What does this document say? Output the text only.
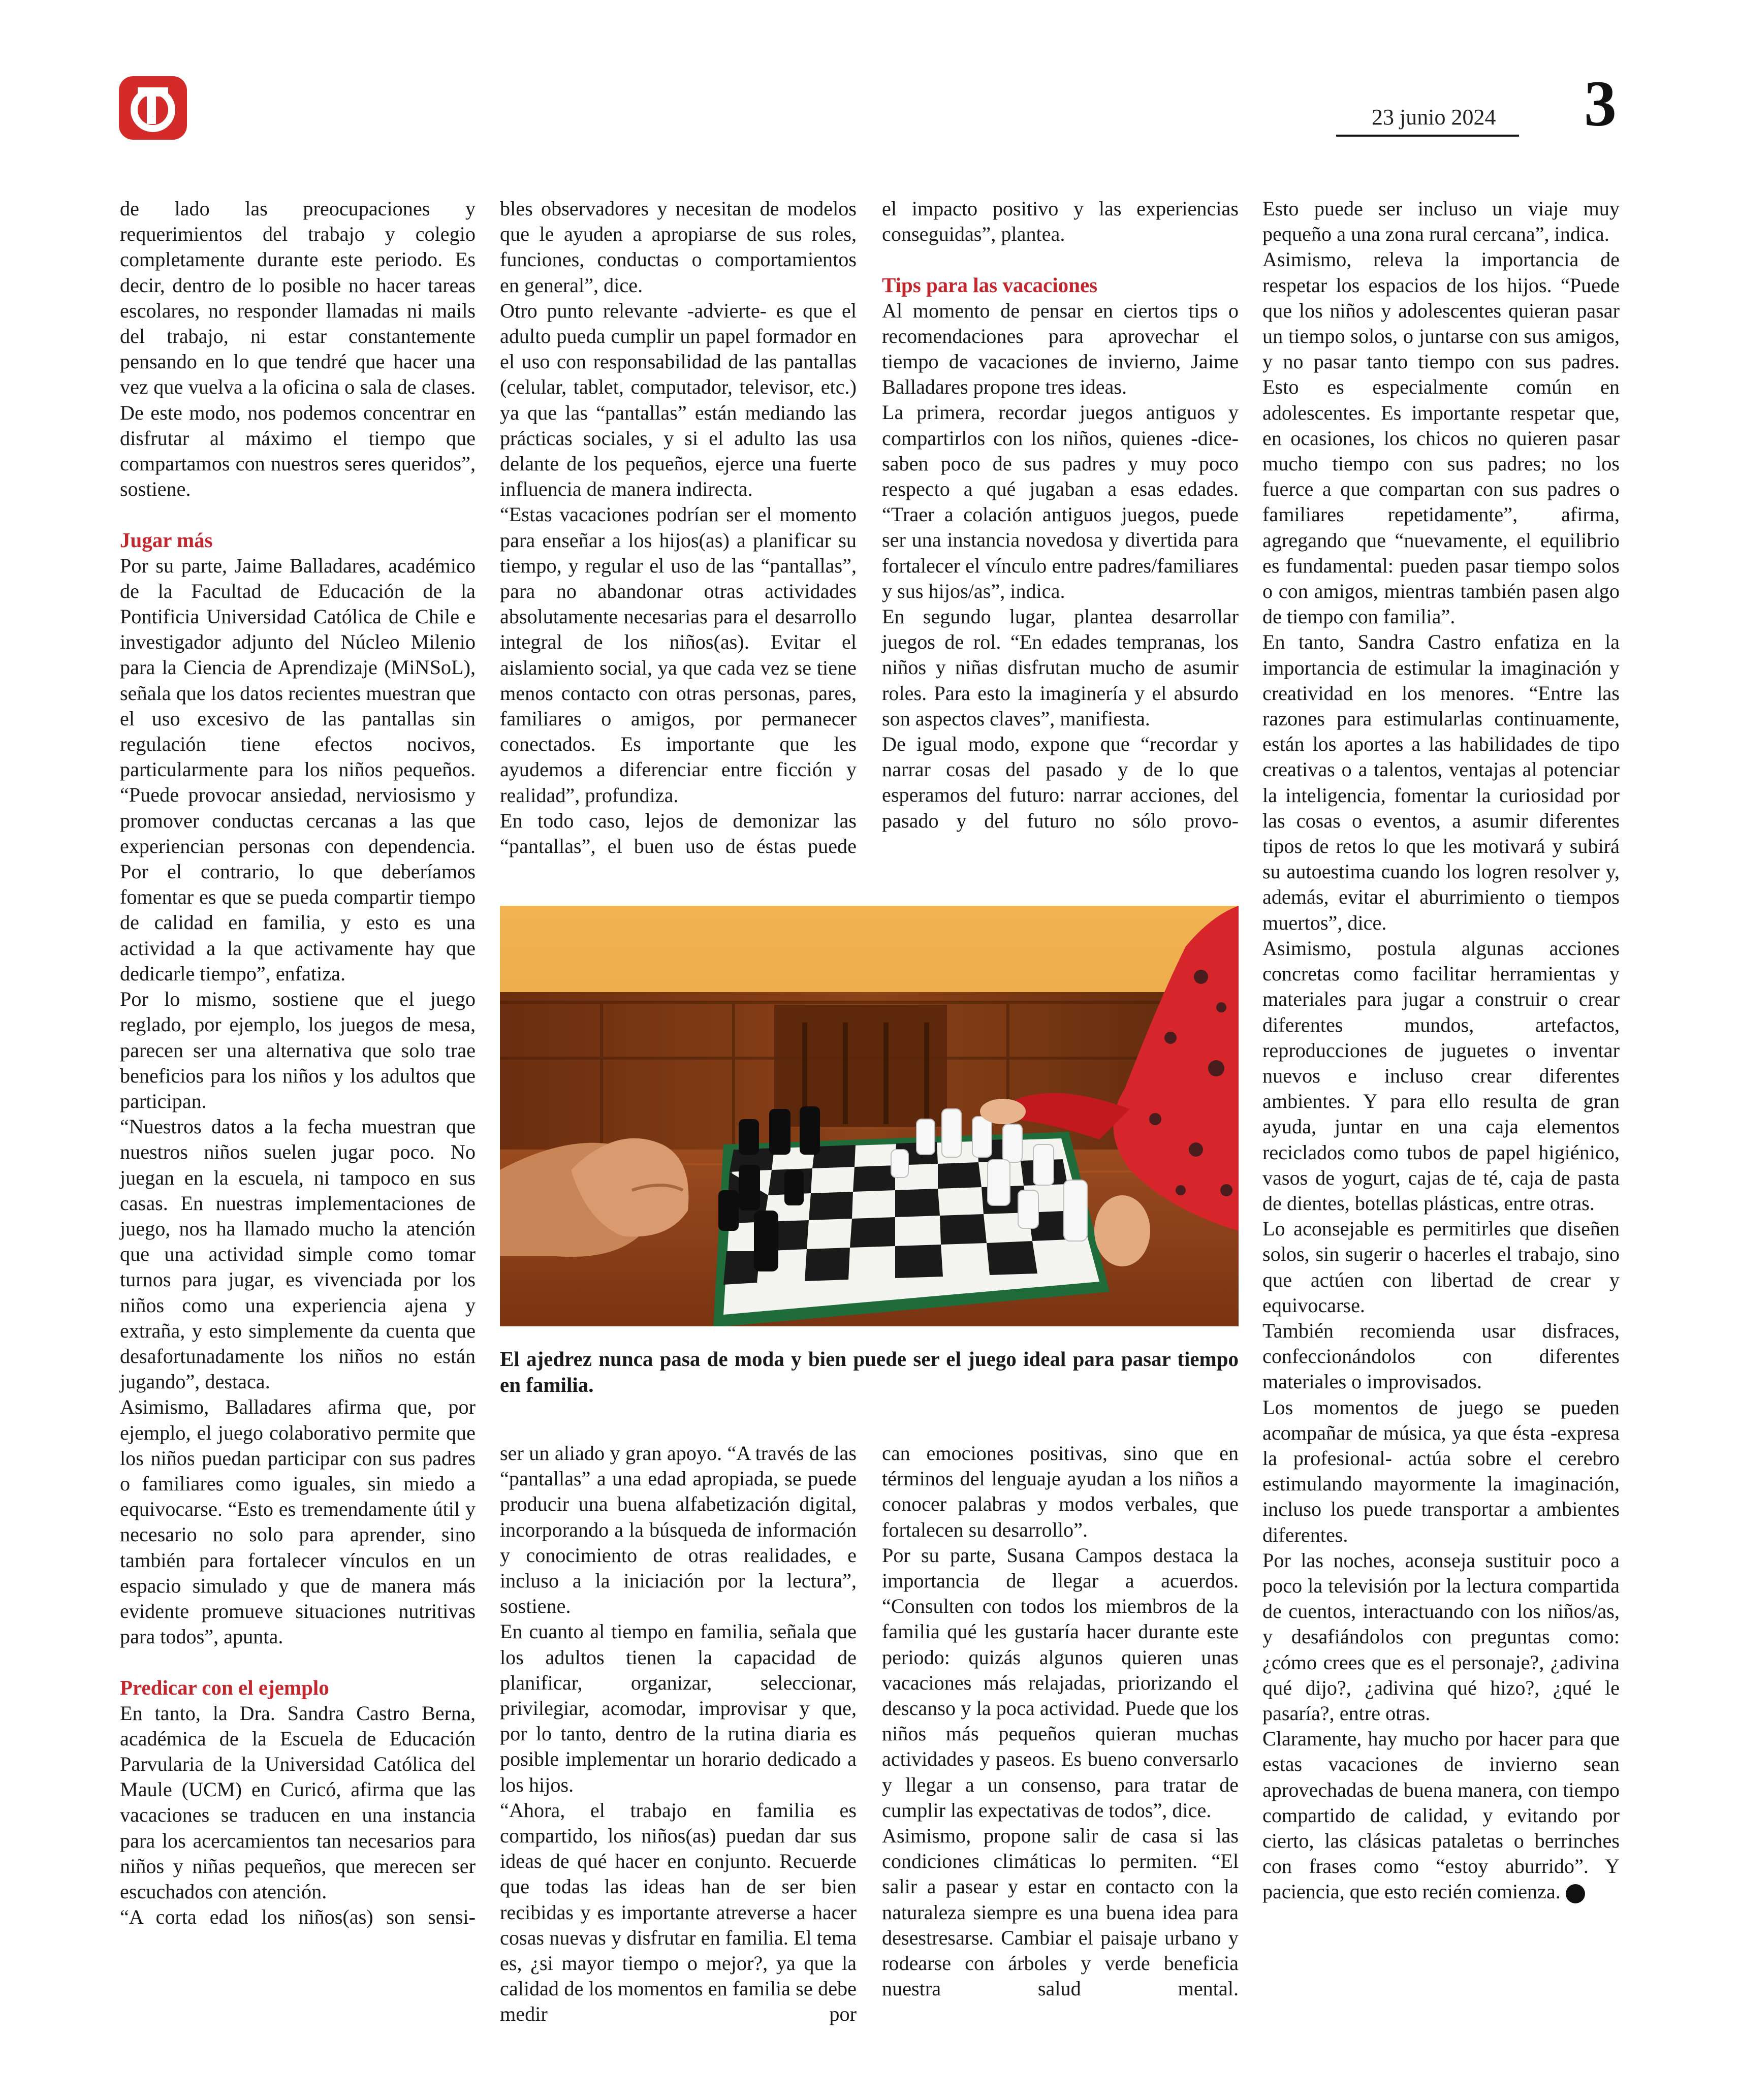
D	23 junio 2024 3

de lado las preocupaciones y requerimientos del trabajo y colegio completamente durante este periodo. Es decir, dentro de lo posible no hacer tareas escolares, no responder llamadas ni mails del trabajo, ni estar constantemente pensando en lo que tendré que hacer una vez que vuelva a la oficina o sala de clases. De este modo, nos podemos concentrar en disfrutar al máximo el tiempo que compartamos con nuestros seres queridos”, sostiene.

Jugar más

Por su parte, Jaime Balladares, académico de la Facultad de Educación de la Pontificia Universidad Católica de Chile e investigador adjunto del Núcleo Milenio para la Ciencia de Aprendizaje (MiNSoL), señala que los datos recientes muestran que el uso excesivo de las pantallas sin regulación tiene efectos nocivos, particularmente para los niños pequeños. “Puede provocar ansiedad, nerviosismo y promover conductas cercanas a las que experiencian personas con dependencia. Por el contrario, lo que deberíamos fomentar es que se pueda compartir tiempo de calidad en familia, y esto es una actividad a la que activamente hay que dedicarle tiempo”, enfatiza.

Por lo mismo, sostiene que el juego reglado, por ejemplo, los juegos de mesa, parecen ser una alternativa que solo trae beneficios para los niños y los adultos que participan.

“Nuestros datos a la fecha muestran que nuestros niños suelen jugar poco. No juegan en la escuela, ni tampoco en sus casas. En nuestras implementaciones de juego, nos ha llamado mucho la atención que una actividad simple como tomar turnos para jugar, es vivenciada por los niños como una experiencia ajena y extraña, y esto simplemente da cuenta que desafortunadamente los niños no están jugando”, destaca.

Asimismo, Balladares afirma que, por ejemplo, el juego colaborativo permite que los niños puedan participar con sus padres o familiares como iguales, sin miedo a equivocarse. “Esto es tremendamente útil y necesario no solo para aprender, sino también para fortalecer vínculos en un espacio simulado y que de manera más evidente promueve situaciones nutritivas para todos”, apunta.

Predicar con el ejemplo

En tanto, la Dra. Sandra Castro Berna, académica de la Escuela de Educación Parvularia de la Universidad Católica del Maule (UCM) en Curicó, afirma que las vacaciones se traducen en una instancia para los acercamientos tan necesarios para niños y niñas pequeños, que merecen ser escuchados con atención.

“A corta edad los niños(as) son sensi-

bles observadores y necesitan de modelos que le ayuden a apropiarse de sus roles, funciones, conductas o comportamientos en general”, dice.

Otro punto relevante -advierte- es que el adulto pueda cumplir un papel formador en el uso con responsabilidad de las pantallas (celular, tablet, computador, televisor, etc.) ya que las “pantallas” están mediando las prácticas sociales, y si el adulto las usa delante de los pequeños, ejerce una fuerte influencia de manera indirecta.

“Estas vacaciones podrían ser el momento para enseñar a los hijos(as) a planificar su tiempo, y regular el uso de las “pantallas”, para no abandonar otras actividades absolutamente necesarias para el desarrollo integral de los niños(as). Evitar el aislamiento social, ya que cada vez se tiene menos contacto con otras personas, pares, familiares o amigos, por permanecer conectados. Es importante que les ayudemos a diferenciar entre ficción y realidad”, profundiza.

En todo caso, lejos de demonizar las “pantallas”, el buen uso de éstas puede

el impacto positivo y las experiencias conseguidas”, plantea.

Tips para las vacaciones

Al momento de pensar en ciertos tips o recomendaciones para aprovechar el tiempo de vacaciones de invierno, Jaime Balladares propone tres ideas.

La primera, recordar juegos antiguos y compartirlos con los niños, quienes -dice- saben poco de sus padres y muy poco respecto a qué jugaban a esas edades. “Traer a colación antiguos juegos, puede ser una instancia novedosa y divertida para fortalecer el vínculo entre padres/familiares y sus hijos/as”, indica.

En segundo lugar, plantea desarrollar juegos de rol. “En edades tempranas, los niños y niñas disfrutan mucho de asumir roles. Para esto la imaginería y el absurdo son aspectos claves”, manifiesta.

De igual modo, expone que “recordar y narrar cosas del pasado y de lo que esperamos del futuro: narrar acciones, del pasado y del futuro no sólo provo-

El ajedrez nunca pasa de moda y bien puede ser el juego ideal para pasar tiempo en familia.

ser un aliado y gran apoyo. “A través de las “pantallas” a una edad apropiada, se puede producir una buena alfabetización digital, incorporando a la búsqueda de información y conocimiento de otras realidades, e incluso a la iniciación por la lectura”, sostiene.

En cuanto al tiempo en familia, señala que los adultos tienen la capacidad de planificar, organizar, seleccionar, privilegiar, acomodar, improvisar y que, por lo tanto, dentro de la rutina diaria es posible implementar un horario dedicado a los hijos.

“Ahora, el trabajo en familia es compartido, los niños(as) puedan dar sus ideas de qué hacer en conjunto. Recuerde que todas las ideas han de ser bien recibidas y es importante atreverse a hacer cosas nuevas y disfrutar en familia. El tema es, ¿si mayor tiempo o mejor?, ya que la calidad de los momentos en familia se debe medir por

can emociones positivas, sino que en términos del lenguaje ayudan a los niños a conocer palabras y modos verbales, que fortalecen su desarrollo”.

Por su parte, Susana Campos destaca la importancia de llegar a acuerdos. “Consulten con todos los miembros de la familia qué les gustaría hacer durante este periodo: quizás algunos quieren unas vacaciones más relajadas, priorizando el descanso y la poca actividad. Puede que los niños más pequeños quieran muchas actividades y paseos. Es bueno conversarlo y llegar a un consenso, para tratar de cumplir las expectativas de todos”, dice.

Asimismo, propone salir de casa si las condiciones climáticas lo permiten. “El salir a pasear y estar en contacto con la naturaleza siempre es una buena idea para desestresarse. Cambiar el paisaje urbano y rodearse con árboles y verde beneficia nuestra salud mental.

Esto puede ser incluso un viaje muy pequeño a una zona rural cercana”, indica.

Asimismo, releva la importancia de respetar los espacios de los hijos. “Puede que los niños y adolescentes quieran pasar un tiempo solos, o juntarse con sus amigos, y no pasar tanto tiempo con sus padres. Esto es especialmente común en adolescentes. Es importante respetar que, en ocasiones, los chicos no quieren pasar mucho tiempo con sus padres; no los fuerce a que compartan con sus padres o familiares repetidamente”, afirma, agregando que “nuevamente, el equilibrio es fundamental: pueden pasar tiempo solos o con amigos, mientras también pasen algo de tiempo con familia”.

En tanto, Sandra Castro enfatiza en la importancia de estimular la imaginación y creatividad en los menores. “Entre las razones para estimularlas continuamente, están los aportes a las habilidades de tipo creativas o a talentos, ventajas al potenciar la inteligencia, fomentar la curiosidad por las cosas o eventos, a asumir diferentes tipos de retos lo que les motivará y subirá su autoestima cuando los logren resolver y, además, evitar el aburrimiento o tiempos muertos”, dice.

Asimismo, postula algunas acciones concretas como facilitar herramientas y materiales para jugar a construir o crear diferentes mundos, artefactos, reproducciones de juguetes o inventar nuevos e incluso crear diferentes ambientes. Y para ello resulta de gran ayuda, juntar en una caja elementos reciclados como tubos de papel higiénico, vasos de yogurt, cajas de té, caja de pasta de dientes, botellas plásticas, entre otras.

Lo aconsejable es permitirles que diseñen solos, sin sugerir o hacerles el trabajo, sino que actúen con libertad de crear y equivocarse.

También recomienda usar disfraces, confeccionándolos con diferentes materiales o improvisados.

Los momentos de juego se pueden acompañar de música, ya que ésta -expresa la profesional- actúa sobre el cerebro estimulando mayormente la imaginación, incluso los puede transportar a ambientes diferentes.

Por las noches, aconseja sustituir poco a poco la televisión por la lectura compartida de cuentos, interactuando con los niños/as, y desafiándolos con preguntas como: ¿cómo crees que es el personaje?, ¿adivina qué dijo?, ¿adivina qué hizo?, ¿qué le pasaría?, entre otras.

Claramente, hay mucho por hacer para que estas vacaciones de invierno sean aprovechadas de buena manera, con tiempo compartido de calidad, y evitando por cierto, las clásicas pataletas o berrinches con frases como “estoy aburrido”. Y paciencia, que esto recién comienza.
